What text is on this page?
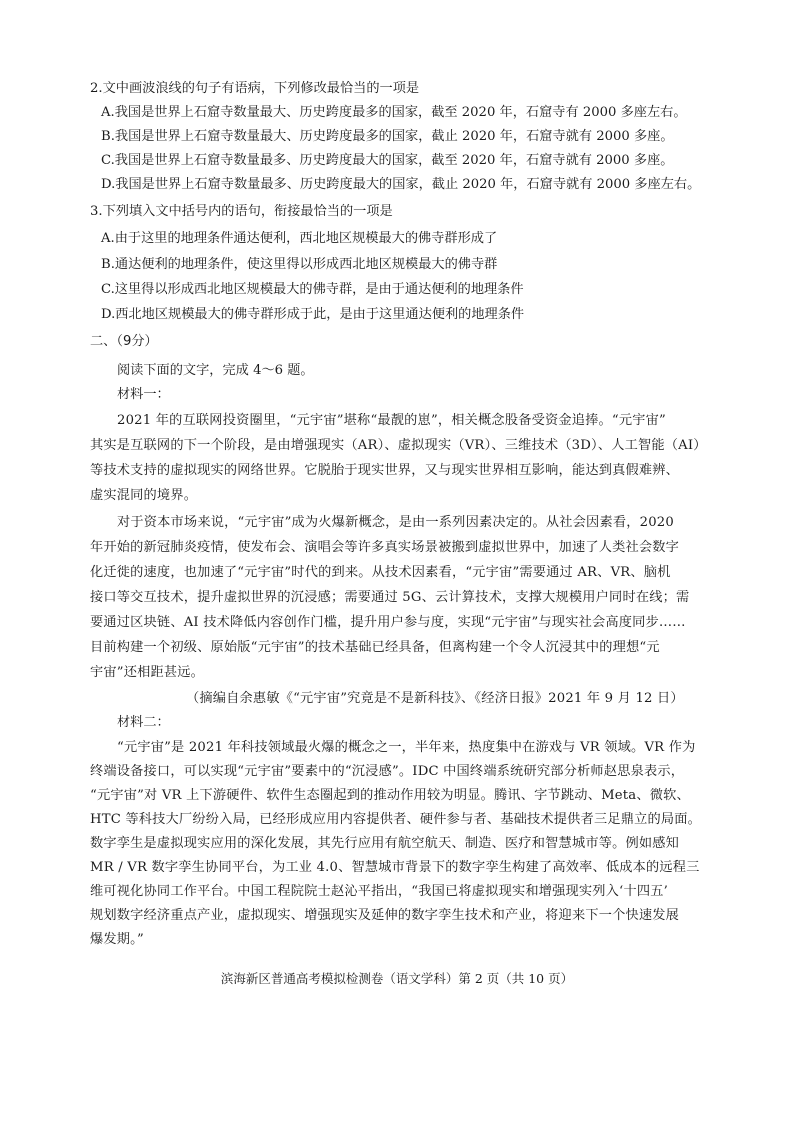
2.文中画波浪线的句子有语病，下列修改最恰当的一项是
A.我国是世界上石窟寺数量最大、历史跨度最多的国家，截至 2020 年，石窟寺有 2000 多座左右。
B.我国是世界上石窟寺数量最大、历史跨度最多的国家，截止 2020 年，石窟寺就有 2000 多座。
C.我国是世界上石窟寺数量最多、历史跨度最大的国家，截至 2020 年，石窟寺就有 2000 多座。
D.我国是世界上石窟寺数量最多、历史跨度最大的国家，截止 2020 年，石窟寺就有 2000 多座左右。
3.下列填入文中括号内的语句，衔接最恰当的一项是
A.由于这里的地理条件通达便利，西北地区规模最大的佛寺群形成了
B.通达便利的地理条件，使这里得以形成西北地区规模最大的佛寺群
C.这里得以形成西北地区规模最大的佛寺群，是由于通达便利的地理条件
D.西北地区规模最大的佛寺群形成于此，是由于这里通达便利的地理条件
二、（9分）
阅读下面的文字，完成 4～6 题。
材料一：
2021 年的互联网投资圈里，“元宇宙”堪称“最靓的崽”，相关概念股备受资金追捧。“元宇宙”
其实是互联网的下一个阶段，是由增强现实（AR）、虚拟现实（VR）、三维技术（3D）、人工智能（AI）
等技术支持的虚拟现实的网络世界。它脱胎于现实世界，又与现实世界相互影响，能达到真假难辨、
虚实混同的境界。
对于资本市场来说，“元宇宙”成为火爆新概念，是由一系列因素决定的。从社会因素看，2020
年开始的新冠肺炎疫情，使发布会、演唱会等许多真实场景被搬到虚拟世界中，加速了人类社会数字
化迁徙的速度，也加速了“元宇宙”时代的到来。从技术因素看，“元宇宙”需要通过 AR、VR、脑机
接口等交互技术，提升虚拟世界的沉浸感；需要通过 5G、云计算技术，支撑大规模用户同时在线；需
要通过区块链、AI 技术降低内容创作门槛，提升用户参与度，实现“元宇宙”与现实社会高度同步……
目前构建一个初级、原始版“元宇宙”的技术基础已经具备，但离构建一个令人沉浸其中的理想“元
宇宙”还相距甚远。
（摘编自余惠敏《“元宇宙”究竟是不是新科技》、《经济日报》2021 年 9 月 12 日）
材料二：
“元宇宙”是 2021 年科技领域最火爆的概念之一，半年来，热度集中在游戏与 VR 领域。VR 作为
终端设备接口，可以实现“元宇宙”要素中的“沉浸感”。IDC 中国终端系统研究部分析师赵思泉表示，
“元宇宙”对 VR 上下游硬件、软件生态圈起到的推动作用较为明显。腾讯、字节跳动、Meta、微软、
HTC 等科技大厂纷纷入局，已经形成应用内容提供者、硬件参与者、基础技术提供者三足鼎立的局面。
数字孪生是虚拟现实应用的深化发展，其先行应用有航空航天、制造、医疗和智慧城市等。例如感知
MR / VR 数字孪生协同平台，为工业 4.0、智慧城市背景下的数字孪生构建了高效率、低成本的远程三
维可视化协同工作平台。中国工程院院士赵沁平指出，“我国已将虚拟现实和增强现实列入‘十四五’
规划数字经济重点产业，虚拟现实、增强现实及延伸的数字孪生技术和产业，将迎来下一个快速发展
爆发期。”
滨海新区普通高考模拟检测卷（语文学科）第 2 页（共 10 页）
